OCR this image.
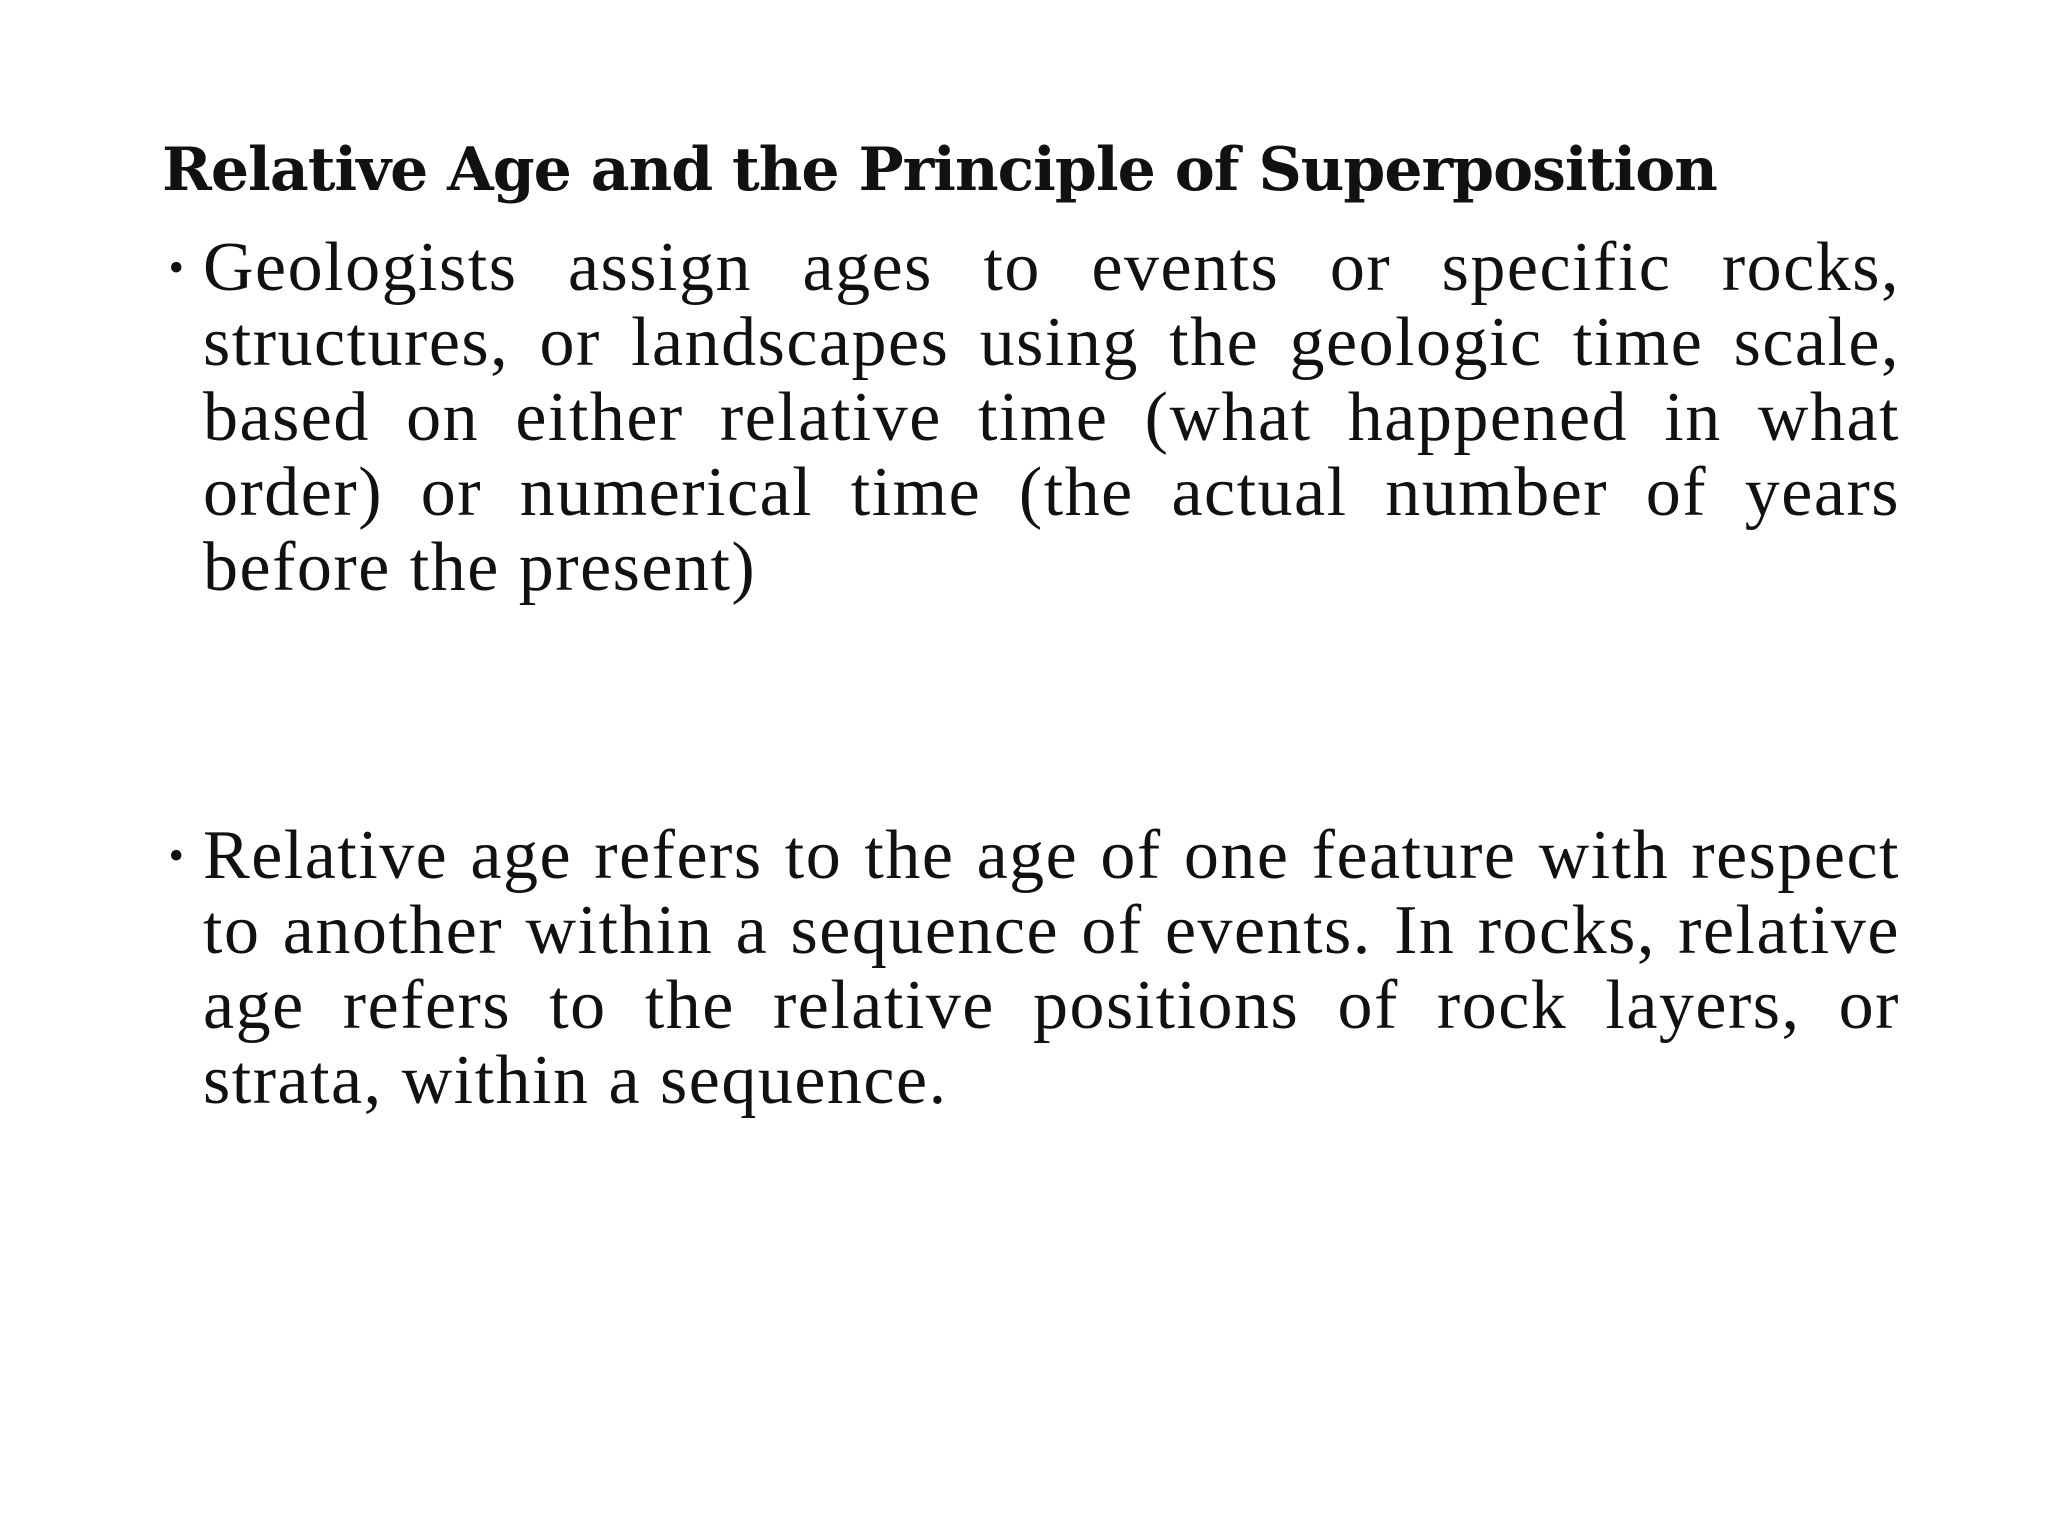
Relative Age and the Principle of Superposition
• Geologists assign ages to events or specific rocks, structures, or landscapes using the geologic time scale, based on either relative time (what happened in what order) or numerical time (the actual number of years before the present)
• Relative age refers to the age of one feature with respect to another within a sequence of events. In rocks, relative age refers to the relative positions of rock layers, or strata, within a sequence.
